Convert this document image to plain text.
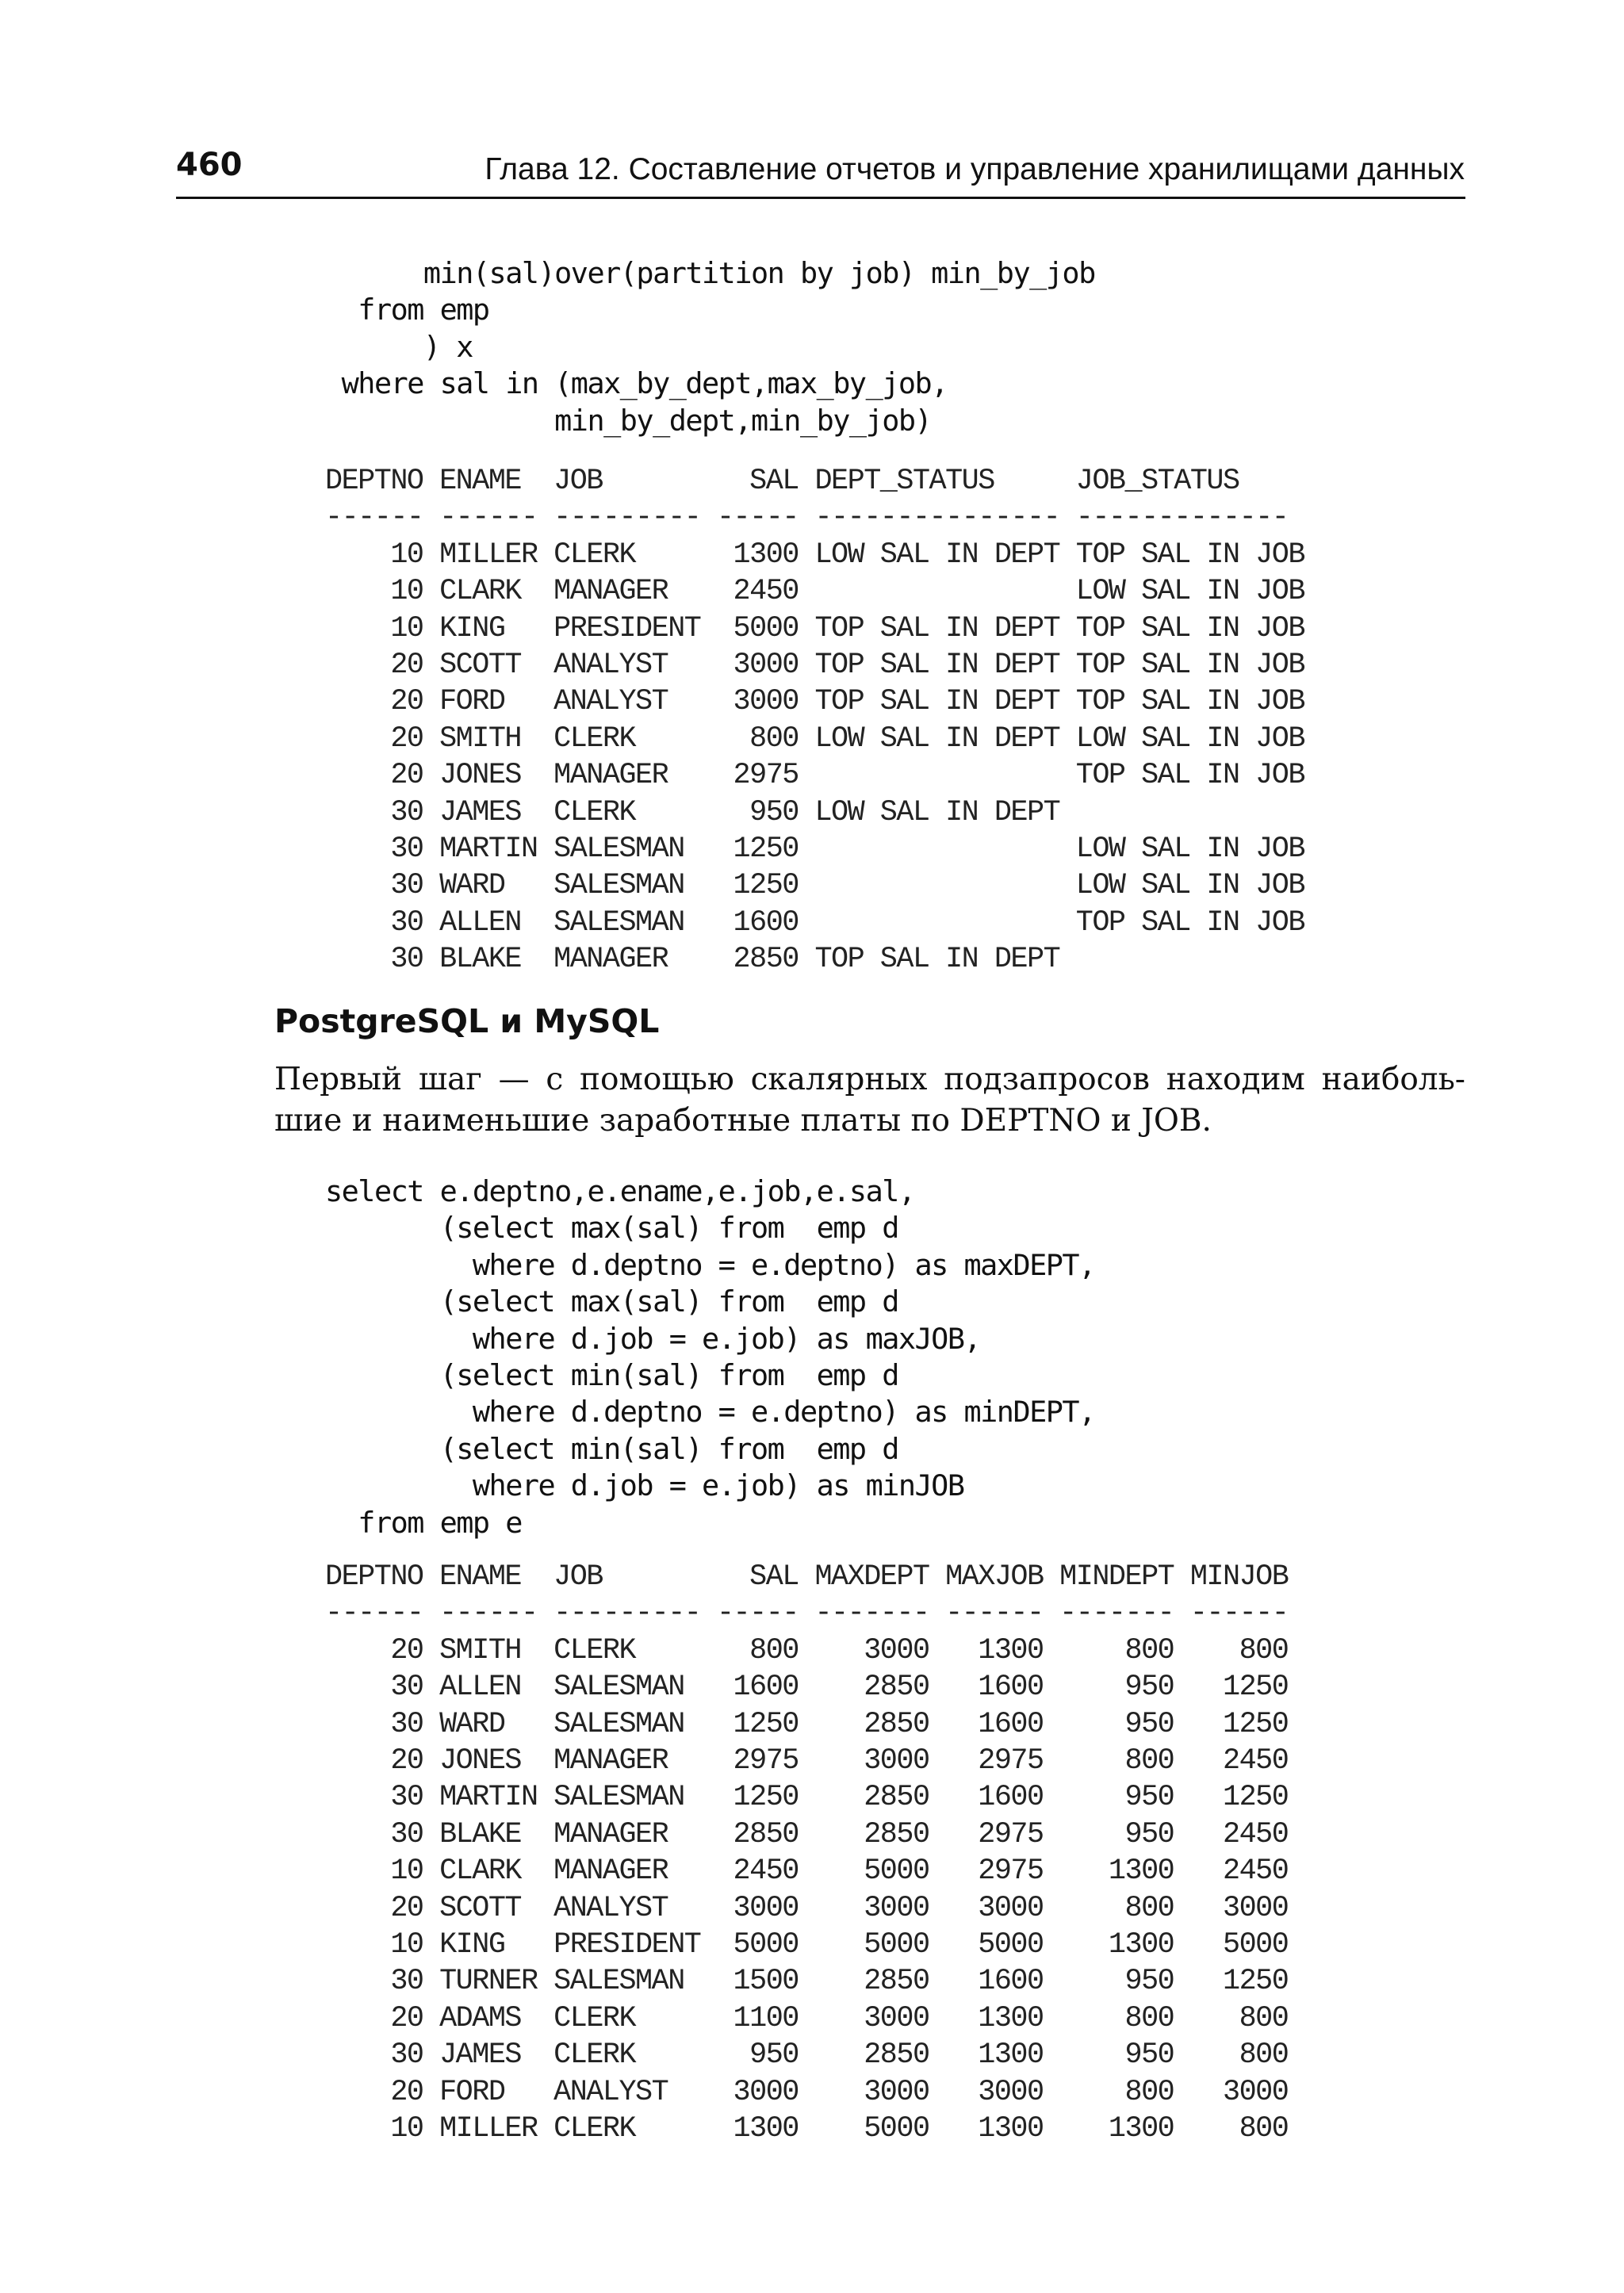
460	Глава 12. Составление отчетов и управление хранилищами данных
min(sal)over(partition by job) min_by_job
from emp
) x
where sal in (max_by_dept,max_by_job,
min_by_dept,min_by_job)
DEPTNO ENAME  JOB         SAL DEPT_STATUS     JOB_STATUS
------ ------ --------- ----- --------------- -------------
10 MILLER CLERK      1300 LOW SAL IN DEPT TOP SAL IN JOB
10 CLARK  MANAGER    2450                 LOW SAL IN JOB
10 KING   PRESIDENT  5000 TOP SAL IN DEPT TOP SAL IN JOB
20 SCOTT  ANALYST    3000 TOP SAL IN DEPT TOP SAL IN JOB
20 FORD   ANALYST    3000 TOP SAL IN DEPT TOP SAL IN JOB
20 SMITH  CLERK       800 LOW SAL IN DEPT LOW SAL IN JOB
20 JONES  MANAGER    2975                 TOP SAL IN JOB
30 JAMES  CLERK       950 LOW SAL IN DEPT
30 MARTIN SALESMAN   1250                 LOW SAL IN JOB
30 WARD   SALESMAN   1250                 LOW SAL IN JOB
30 ALLEN  SALESMAN   1600                 TOP SAL IN JOB
30 BLAKE  MANAGER    2850 TOP SAL IN DEPT
PostgreSQL и MySQL
Первый шаг — с помощью скалярных подзапросов находим наиболь-
шие и наименьшие заработные платы по DEPTNO и JOB.
select e.deptno,e.ename,e.job,e.sal,
(select max(sal) from  emp d
where d.deptno = e.deptno) as maxDEPT,
(select max(sal) from  emp d
where d.job = e.job) as maxJOB,
(select min(sal) from  emp d
where d.deptno = e.deptno) as minDEPT,
(select min(sal) from  emp d
where d.job = e.job) as minJOB
from emp e
DEPTNO ENAME  JOB         SAL MAXDEPT MAXJOB MINDEPT MINJOB
------ ------ --------- ----- ------- ------ ------- ------
20 SMITH  CLERK       800    3000   1300     800    800
30 ALLEN  SALESMAN   1600    2850   1600     950   1250
30 WARD   SALESMAN   1250    2850   1600     950   1250
20 JONES  MANAGER    2975    3000   2975     800   2450
30 MARTIN SALESMAN   1250    2850   1600     950   1250
30 BLAKE  MANAGER    2850    2850   2975     950   2450
10 CLARK  MANAGER    2450    5000   2975    1300   2450
20 SCOTT  ANALYST    3000    3000   3000     800   3000
10 KING   PRESIDENT  5000    5000   5000    1300   5000
30 TURNER SALESMAN   1500    2850   1600     950   1250
20 ADAMS  CLERK      1100    3000   1300     800    800
30 JAMES  CLERK       950    2850   1300     950    800
20 FORD   ANALYST    3000    3000   3000     800   3000
10 MILLER CLERK      1300    5000   1300    1300    800
